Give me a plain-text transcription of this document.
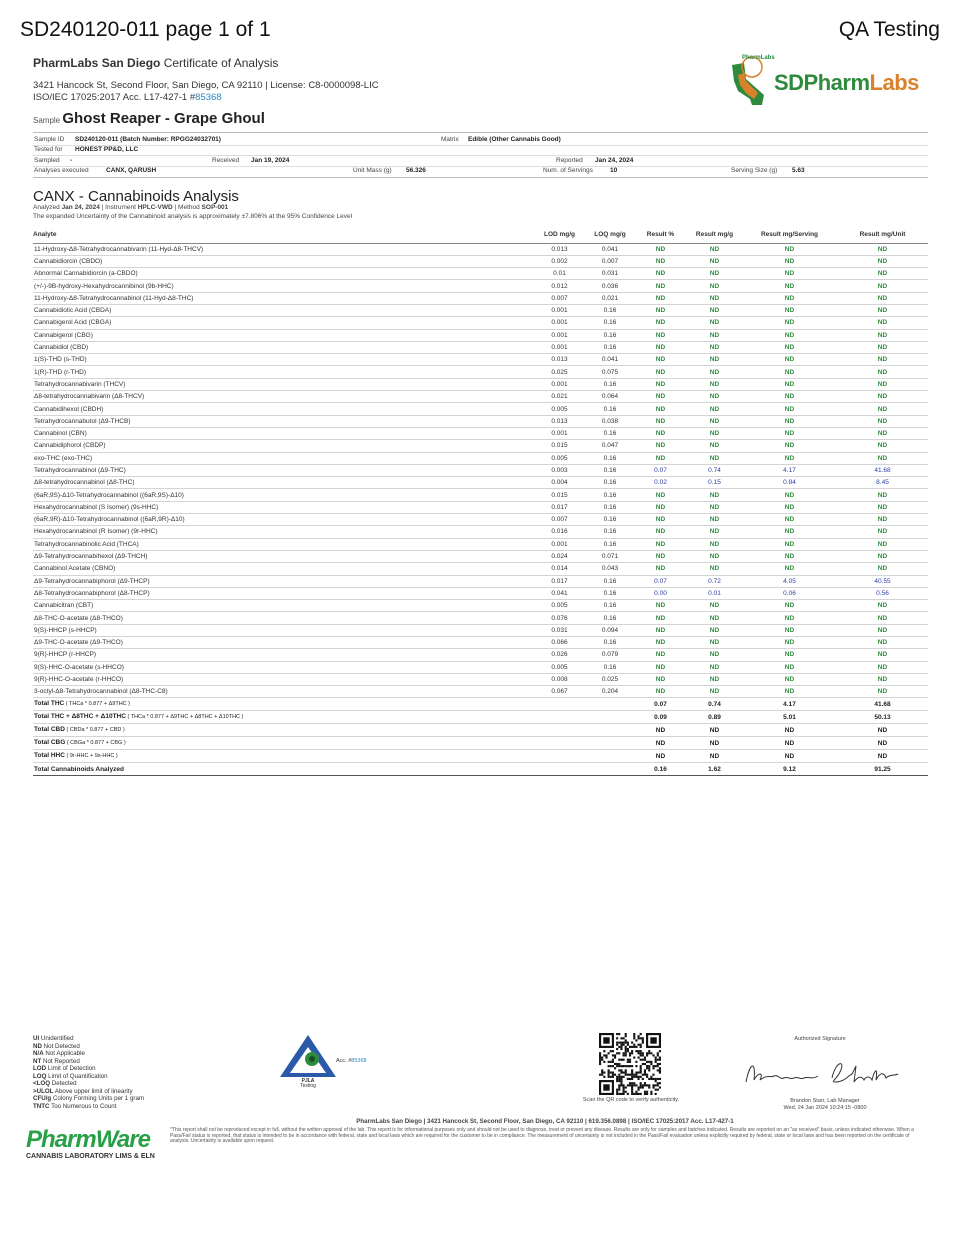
SD240120-011 page 1 of 1	QA Testing
PharmLabs San Diego Certificate of Analysis
3421 Hancock St, Second Floor, San Diego, CA 92110 | License: C8-0000098-LIC
ISO/IEC 17025:2017 Acc. L17-427-1 #85368
PharmLabs
SDPharmLabs
Sample Ghost Reaper - Grape Ghoul
Sample ID SD240120-011 (Batch Number: RPGG24032701)	Matrix Edible (Other Cannabis Good)
Tested for HONEST PP&D, LLC
Sampled -	Received Jan 19, 2024	Reported Jan 24, 2024
Analyses executed	CANX, QARUSH	Unit Mass (g) 56.326	Num. of Servings	10	Serving Size (g) 5.63
CANX - Cannabinoids Analysis
Analyzed Jan 24, 2024 | Instrument HPLC-VWD | Method SOP-001
The expanded Uncertainty of the Cannabinoid analysis is approximately ±7.806% at the 95% Confidence Level
Analyte	LOD mg/g	LOQ mg/g	Result %	Result mg/g	Result mg/Serving	Result mg/Unit
11-Hydroxy-Δ8-Tetrahydrocannabivarin (11-Hyd-Δ8-THCV)	0.013	0.041	ND	ND	ND	ND
Cannabidiorcin (CBDO)	0.002	0.007	ND	ND	ND	ND
Abnormal Cannabidiorcin (a-CBDO)	0.01	0.031	ND	ND	ND	ND
(+/-)-9B-hydroxy-Hexahydrocannibinol (9b-HHC)	0.012	0.036	ND	ND	ND	ND
11-Hydroxy-Δ8-Tetrahydrocannabinol (11-Hyd-Δ8-THC)	0.007	0.021	ND	ND	ND	ND
Cannabidiolic Acid (CBDA)	0.001	0.16	ND	ND	ND	ND
Cannabigerol Acid (CBGA)	0.001	0.16	ND	ND	ND	ND
Cannabigerol (CBG)	0.001	0.16	ND	ND	ND	ND
Cannabidiol (CBD)	0.001	0.16	ND	ND	ND	ND
1(S)-THD (s-THD)	0.013	0.041	ND	ND	ND	ND
1(R)-THD (r-THD)	0.025	0.075	ND	ND	ND	ND
Tetrahydrocannabivarin (THCV)	0.001	0.16	ND	ND	ND	ND
Δ8-tetrahydrocannabivarin (Δ8-THCV)	0.021	0.064	ND	ND	ND	ND
Cannabidihexol (CBDH)	0.005	0.16	ND	ND	ND	ND
Tetrahydrocannabutol (Δ9-THCB)	0.013	0.038	ND	ND	ND	ND
Cannabinol (CBN)	0.001	0.16	ND	ND	ND	ND
Cannabidiphorol (CBDP)	0.015	0.047	ND	ND	ND	ND
exo-THC (exo-THC)	0.005	0.16	ND	ND	ND	ND
Tetrahydrocannabinol (Δ9-THC)	0.003	0.16	0.07	0.74	4.17	41.68
Δ8-tetrahydrocannabinol (Δ8-THC)	0.004	0.16	0.02	0.15	0.84	8.45
(6aR,9S)-Δ10-Tetrahydrocannabinol ((6aR,9S)-Δ10)	0.015	0.16	ND	ND	ND	ND
Hexahydrocannabinol (S Isomer) (9s-HHC)	0.017	0.16	ND	ND	ND	ND
(6aR,9R)-Δ10-Tetrahydrocannabinol ((6aR,9R)-Δ10)	0.007	0.16	ND	ND	ND	ND
Hexahydrocannabinol (R Isomer) (9r-HHC)	0.016	0.16	ND	ND	ND	ND
Tetrahydrocannabinolic Acid (THCA)	0.001	0.16	ND	ND	ND	ND
Δ9-Tetrahydrocannabihexol (Δ9-THCH)	0.024	0.071	ND	ND	ND	ND
Cannabinol Acetate (CBNO)	0.014	0.043	ND	ND	ND	ND
Δ9-Tetrahydrocannabiphorol (Δ9-THCP)	0.017	0.16	0.07	0.72	4.05	40.55
Δ8-Tetrahydrocannabiphorol (Δ8-THCP)	0.041	0.16	0.00	0.01	0.06	0.56
Cannabicitran (CBT)	0.005	0.16	ND	ND	ND	ND
Δ8-THC-O-acetate (Δ8-THCO)	0.076	0.16	ND	ND	ND	ND
9(S)-HHCP (s-HHCP)	0.031	0.094	ND	ND	ND	ND
Δ9-THC-O-acetate (Δ9-THCO)	0.066	0.16	ND	ND	ND	ND
9(R)-HHCP (r-HHCP)	0.026	0.079	ND	ND	ND	ND
9(S)-HHC-O-acetate (s-HHCO)	0.005	0.16	ND	ND	ND	ND
9(R)-HHC-O-acetate (r-HHCO)	0.008	0.025	ND	ND	ND	ND
3-octyl-Δ8-Tetrahydrocannabinol (Δ8-THC-C8)	0.067	0.204	ND	ND	ND	ND
Total THC ( THCa * 0.877 + Δ9THC )			0.07	0.74	4.17	41.68
Total THC + Δ8THC + Δ10THC ( THCa * 0.877 + Δ9THC + Δ8THC + Δ10THC )			0.09	0.89	5.01	50.13
Total CBD ( CBDa * 0.877 + CBD )			ND	ND	ND	ND
Total CBG ( CBGa * 0.877 + CBG )			ND	ND	ND	ND
Total HHC ( 9r-HHC + 9s-HHC )			ND	ND	ND	ND
Total Cannabinoids Analyzed			0.16	1.62	9.12	91.25
UI Unidentified
ND Not Detected
N/A Not Applicable
NT Not Reported
LOD Limit of Detection
LOQ Limit of Quantification
<LOQ Detected
>ULOL Above upper limit of linearity
CFU/g Colony Forming Units per 1 gram
TNTC Too Numerous to Count
Acc. #85368
PJLA
Testing
Scan the QR code to verify authenticity.
Authorized Signature
Brandon Starr, Lab Manager
Wed, 24 Jan 2024 10:24:15 -0800
PharmLabs San Diego | 3421 Hancock St, Second Floor, San Diego, CA 92110 | 619.356.0898 | ISO/IEC 17025:2017 Acc. L17-427-1
*This report shall not be reproduced except in full, without the written approval of the lab. This report is for informational purposes only and should not be used to diagnose, treat or prevent any disease. Results are only for samples and batches indicated. Results are reported on an "as received" basis, unless indicated otherwise. When a Pass/Fail status is reported, that status is intended to be in accordance with federal, state and local laws which are required for the customer to be in compliance. The measurement of uncertainty is not included in the Pass/Fail evaluation unless explicitly required by federal, state or local laws and has been reported on the certificate of analysis. Uncertainty is available upon request.
PharmWare
CANNABIS LABORATORY LIMS & ELN
